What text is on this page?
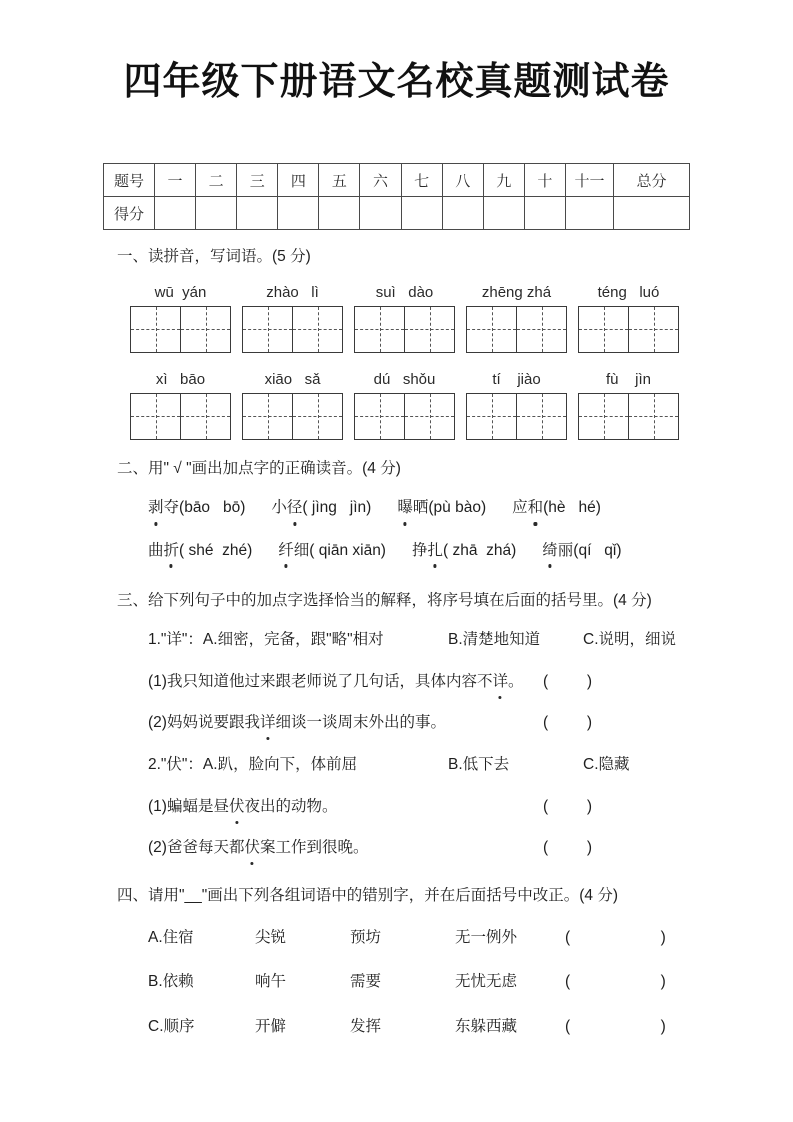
四年级下册语文名校真题测试卷
题号	一	二	三	四	五	六	七	八	九	十	十一	总分
得分												
一、读拼音，写词语。(5 分)
wū  yán	zhào   lì	suì   dào	zhēng zhá	téng   luó
xì   bāo	xiāo   sǎ	dú   shǒu	tí    jiào	fù    jìn
二、用" √ "画出加点字的正确读音。(4 分)
剥夺(bāo   bō) 小径( jìng   jìn) 曝晒(pù bào) 应和(hè   hé)
曲折( shé  zhé) 纤细( qiān xiān) 挣扎( zhā  zhá) 绮丽(qí   qǐ)
三、给下列句子中的加点字选择恰当的解释，将序号填在后面的括号里。(4 分)
1."详"：A.细密，完备，跟"略"相对	B.清楚地知道	C.说明，细说
(1)我只知道他过来跟老师说了几句话，具体内容不详。 (         )
(2)妈妈说要跟我详细谈一谈周末外出的事。	(         )
2."伏"：A.趴，脸向下，体前屈	B.低下去	C.隐藏
(1)蝙蝠是昼伏夜出的动物。	(         )
(2)爸爸每天都伏案工作到很晚。	(         )
四、请用"__"画出下列各组词语中的错别字，并在后面括号中改正。(4 分)
A.住宿	尖锐	预坊	无一例外	(                     )
B.依赖	响午	需要	无忧无虑	(                     )
C.顺序	开僻	发挥	东躲西藏	(                     )
